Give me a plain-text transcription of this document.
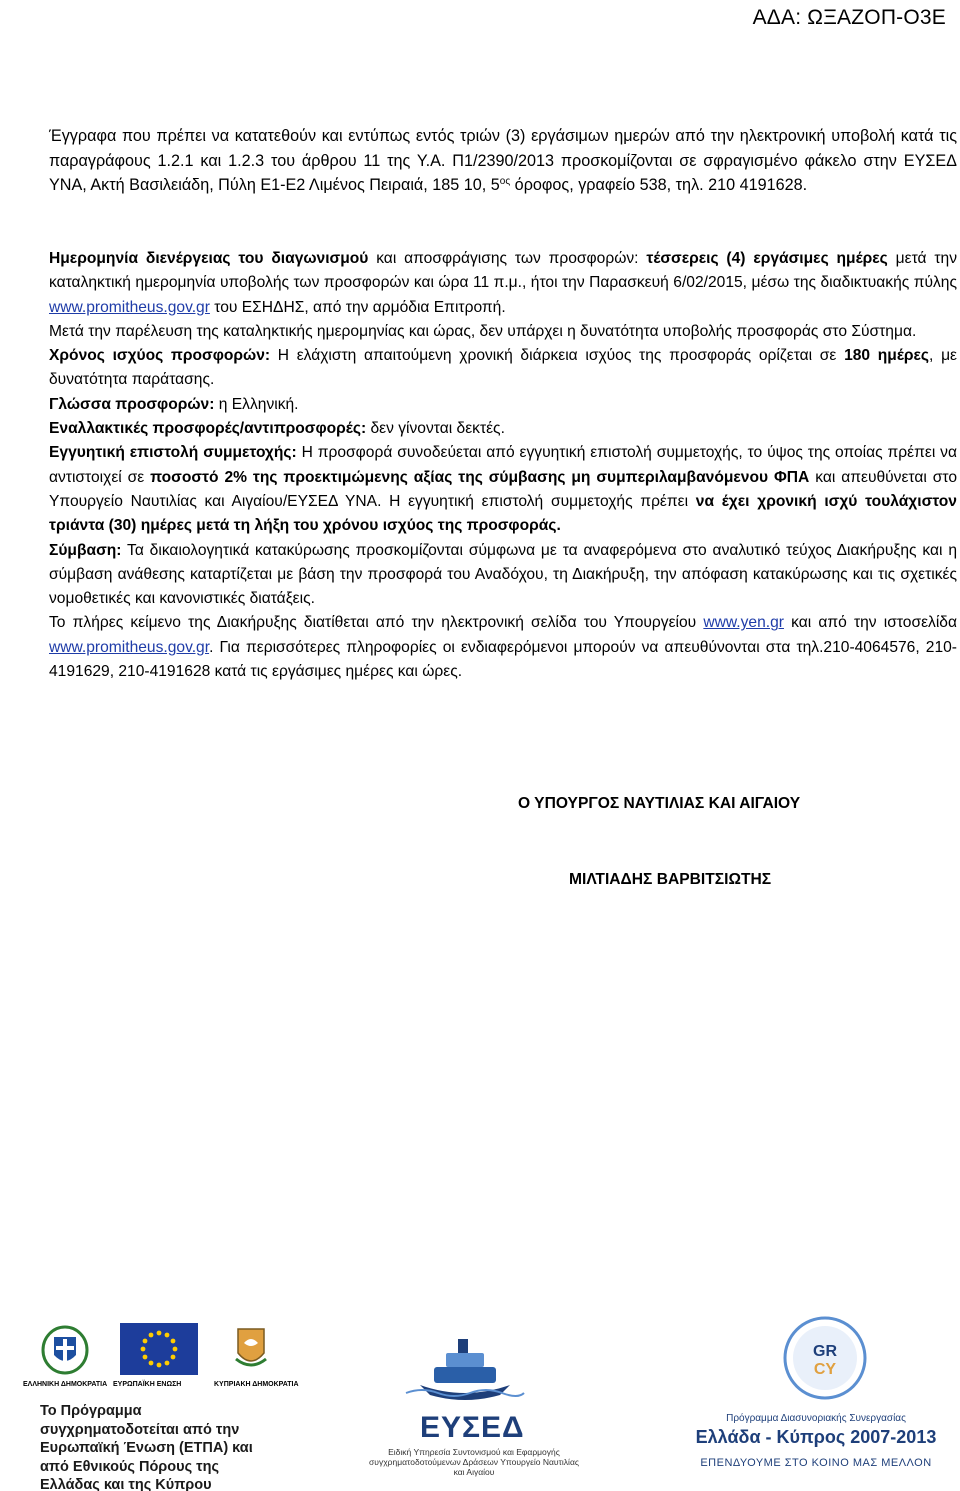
ΑΔΑ: ΩΞΑΖΟΠ-Ο3Ε
Έγγραφα που πρέπει να κατατεθούν και εντύπως εντός τριών (3) εργάσιμων ημερών από την ηλεκτρονική υποβολή κατά τις παραγράφους 1.2.1 και 1.2.3 του άρθρου 11 της Υ.Α. Π1/2390/2013 προσκομίζονται σε σφραγισμένο φάκελο στην ΕΥΣΕΔ ΥΝΑ, Ακτή Βασιλειάδη, Πύλη Ε1-Ε2 Λιμένος Πειραιά, 185 10, $5^{o\varsigma}$ όροφος, γραφείο 538, τηλ. 210 4191628.

Ημερομηνία διενέργειας του διαγωνισμού και αποσφράγισης των προσφορών: τέσσερεις (4) εργάσιμες ημέρες μετά την καταληκτική ημερομηνία υποβολής των προσφορών και ώρα 11 π.μ., ήτοι την Παρασκευή 6/02/2015, μέσω της διαδικτυακής πύλης www.promitheus.gov.gr του ΕΣΗΔΗΣ, από την αρμόδια Επιτροπή.

Μετά την παρέλευση της καταληκτικής ημερομηνίας και ώρας, δεν υπάρχει η δυνατότητα υποβολής προσφοράς στο Σύστημα.

Χρόνος ισχύος προσφορών: Η ελάχιστη απαιτούμενη χρονική διάρκεια ισχύος της προσφοράς ορίζεται σε 180 ημέρες, με δυνατότητα παράτασης.

Γλώσσα προσφορών: η Ελληνική.

Εναλλακτικές προσφορές/αντιπροσφορές: δεν γίνονται δεκτές.

Εγγυητική επιστολή συμμετοχής: Η προσφορά συνοδεύεται από εγγυητική επιστολή συμμετοχής, το ύψος της οποίας πρέπει να αντιστοιχεί σε ποσοστό 2% της προεκτιμώμενης αξίας της σύμβασης μη συμπεριλαμβανόμενου ΦΠΑ και απευθύνεται στο Υπουργείο Ναυτιλίας και Αιγαίου/ΕΥΣΕΔ ΥΝΑ. Η εγγυητική επιστολή συμμετοχής πρέπει να έχει χρονική ισχύ τουλάχιστον τριάντα (30) ημέρες μετά τη λήξη του χρόνου ισχύος της προσφοράς.

Σύμβαση: Τα δικαιολογητικά κατακύρωσης προσκομίζονται σύμφωνα με τα αναφερόμενα στο αναλυτικό τεύχος Διακήρυξης και η σύμβαση ανάθεσης καταρτίζεται με βάση την προσφορά του Αναδόχου, τη Διακήρυξη, την απόφαση κατακύρωσης και τις σχετικές νομοθετικές και κανονιστικές διατάξεις.

Το πλήρες κείμενο της Διακήρυξης διατίθεται από την ηλεκτρονική σελίδα του Υπουργείου www.yen.gr και από την ιστοσελίδα www.promitheus.gov.gr. Για περισσότερες πληροφορίες οι ενδιαφερόμενοι μπορούν να απευθύνονται στα τηλ.210-4064576, 210-4191629, 210-4191628 κατά τις εργάσιμες ημέρες και ώρες.

Ο ΥΠΟΥΡΓΟΣ ΝΑΥΤΙΛΙΑΣ ΚΑΙ ΑΙΓΑΙΟΥ
ΜΙΛΤΙΑΔΗΣ ΒΑΡΒΙΤΣΙΩΤΗΣ
ΕΛΛΗΝΙΚΗ ΔΗΜΟΚΡΑΤΙΑ ΕΥΡΩΠΑΪΚΗ ΕΝΩΣΗ	ΚΥΠΡΙΑΚΗ ΔΗΜΟΚΡΑΤΙΑ
Το Πρόγραμμα συγχρηματοδοτείται από την Ευρωπαϊκή Ένωση (ΕΤΠΑ) και από Εθνικούς Πόρους της Ελλάδας και της Κύπρου
ΕΥΣΕΔ
Ειδική Υπηρεσία Συντονισμού και Εφαρμογής συγχρηματοδοτούμενων Δράσεων Υπουργείο Ναυτιλίας και Αιγαίου
GR
CY
Πρόγραμμα Διασυνοριακής Συνεργασίας
Ελλάδα - Κύπρος 2007-2013
ΕΠΕΝΔΥΟΥΜΕ ΣΤΟ ΚΟΙΝΟ ΜΑΣ ΜΕΛΛΟΝ
